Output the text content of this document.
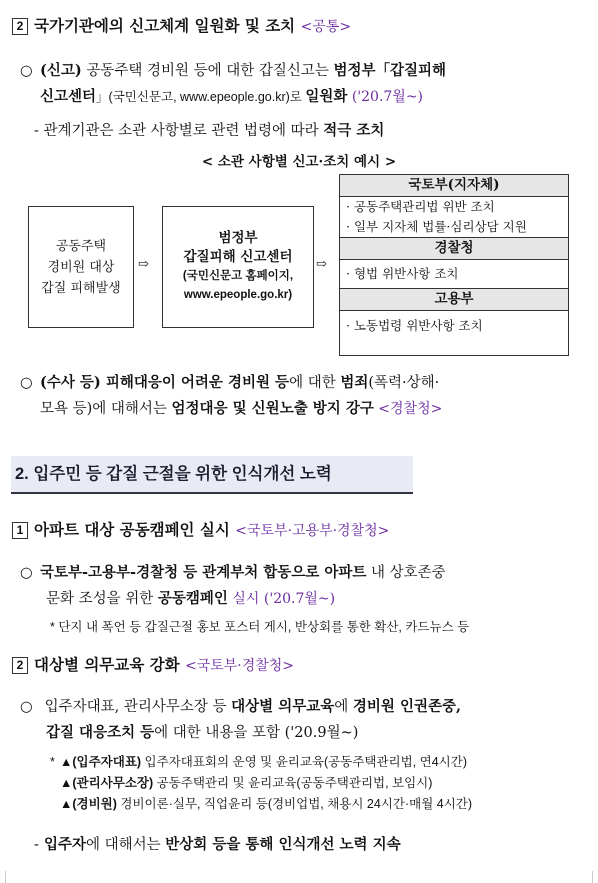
2 국가기관에의 신고체계 일원화 및 조치 <공통>
○ (신고) 공동주택 경비원 등에 대한 갑질신고는 범정부「갑질피해
신고센터」(국민신문고, www.epeople.go.kr)로 일원화 ('20.7월~)
- 관계기관은 소관 사항별로 관련 법령에 따라 적극 조치
< 소관 사항별 신고·조치 예시 >
공동주택
경비원 대상
갑질 피해발생
⇨
범정부
갑질피해 신고센터
(국민신문고 홈페이지,
www.epeople.go.kr)
⇨
국토부(지자체)
· 공동주택관리법 위반 조치
· 일부 지자체 법률·심리상담 지원
경찰청
· 형법 위반사항 조치
고용부
· 노동법령 위반사항 조치
○ (수사 등) 피해대응이 어려운 경비원 등에 대한 범죄(폭력·상해·
모욕 등)에 대해서는 엄정대응 및 신원노출 방지 강구 <경찰청>
2. 입주민 등 갑질 근절을 위한 인식개선 노력
1 아파트 대상 공동캠페인 실시 <국토부·고용부·경찰청>
○ 국토부-고용부-경찰청 등 관계부처 합동으로 아파트 내 상호존중
문화 조성을 위한 공동캠페인 실시 ('20.7월~)
* 단지 내 폭언 등 갑질근절 홍보 포스터 게시, 반상회를 통한 확산, 카드뉴스 등
2 대상별 의무교육 강화 <국토부·경찰청>
○ 입주자대표, 관리사무소장 등 대상별 의무교육에 경비원 인권존중,
갑질 대응조치 등에 대한 내용을 포함 ('20.9월~)
* ▲(입주자대표) 입주자대표회의 운영 및 윤리교육(공동주택관리법, 연4시간)
▲(관리사무소장) 공동주택관리 및 윤리교육(공동주택관리법, 보임시)
▲(경비원) 경비이론·실무, 직업윤리 등(경비업법, 채용시 24시간·매월 4시간)
- 입주자에 대해서는 반상회 등을 통해 인식개선 노력 지속
